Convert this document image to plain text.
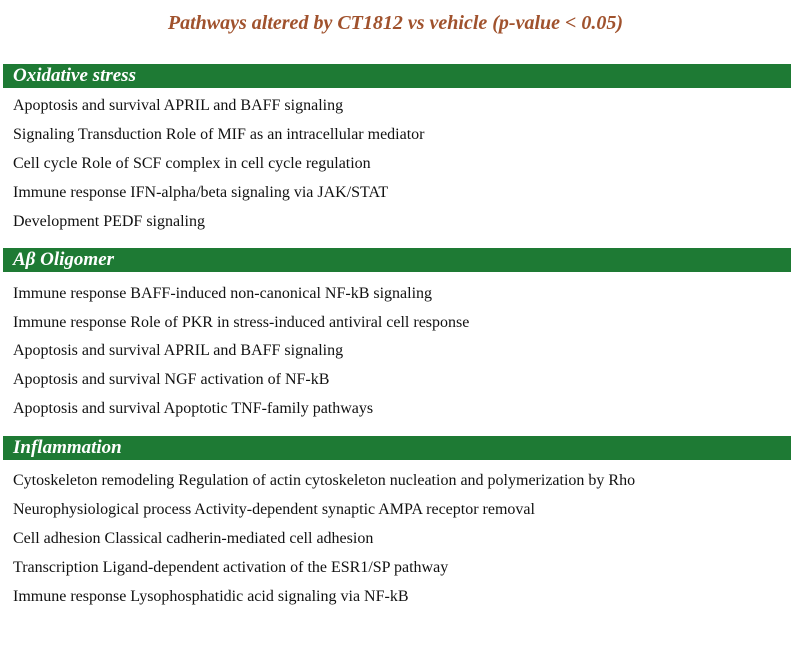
Pathways altered by CT1812 vs vehicle (p-value < 0.05)
Oxidative stress
Apoptosis and survival APRIL and BAFF signaling
Signaling Transduction Role of MIF as an intracellular mediator
Cell cycle Role of SCF complex in cell cycle regulation
Immune response IFN-alpha/beta signaling via JAK/STAT
Development PEDF signaling
Aβ Oligomer
Immune response BAFF-induced non-canonical NF-kB signaling
Immune response Role of PKR in stress-induced antiviral cell response
Apoptosis and survival APRIL and BAFF signaling
Apoptosis and survival NGF activation of NF-kB
Apoptosis and survival Apoptotic TNF-family pathways
Inflammation
Cytoskeleton remodeling Regulation of actin cytoskeleton nucleation and polymerization by Rho
Neurophysiological process Activity-dependent synaptic AMPA receptor removal
Cell adhesion Classical cadherin-mediated cell adhesion
Transcription Ligand-dependent activation of the ESR1/SP pathway
Immune response Lysophosphatidic acid signaling via NF-kB
